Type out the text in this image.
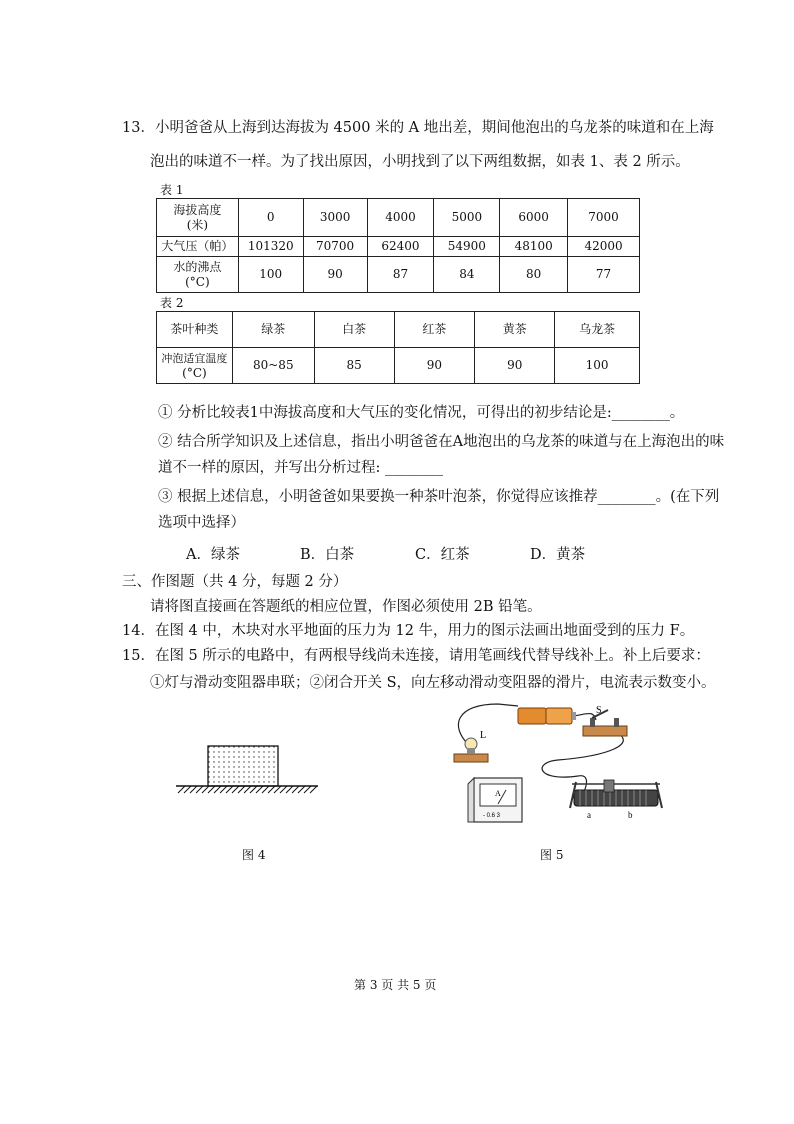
13．小明爸爸从上海到达海拔为 4500 米的 A 地出差，期间他泡出的乌龙茶的味道和在上海
泡出的味道不一样。为了找出原因，小明找到了以下两组数据，如表 1、表 2 所示。
表 1
海拔高度
(米)	0	3000	4000	5000	6000	7000
大气压（帕）	101320	70700	62400	54900	48100	42000

水的沸点
(°C)	100	90	87	84	80	77
表 2
茶叶种类	绿茶	白茶	红茶	黄茶	乌龙茶

冲泡适宜温度
(°C)	80~85	85	90	90	100
① 分析比较表1中海拔高度和大气压的变化情况，可得出的初步结论是:________。
② 结合所学知识及上述信息，指出小明爸爸在A地泡出的乌龙茶的味道与在上海泡出的味
道不一样的原因，并写出分析过程: ________
③ 根据上述信息，小明爸爸如果要换一种茶叶泡茶，你觉得应该推荐________。(在下列
选项中选择）
A．绿茶	B．白茶	C．红茶	D．黄茶
三、作图题（共 4 分，每题 2 分）
请将图直接画在答题纸的相应位置，作图必须使用 2B 铅笔。
14．在图 4 中，木块对水平地面的压力为 12 牛，用力的图示法画出地面受到的压力 F。
15．在图 5 所示的电路中，有两根导线尚未连接，请用笔画线代替导线补上。补上后要求：
①灯与滑动变阻器串联；②闭合开关 S，向左移动滑动变阻器的滑片，电流表示数变小。
图 4
S
L
A
- 0.6 3	a	b
图 5
第 3 页 共 5 页
